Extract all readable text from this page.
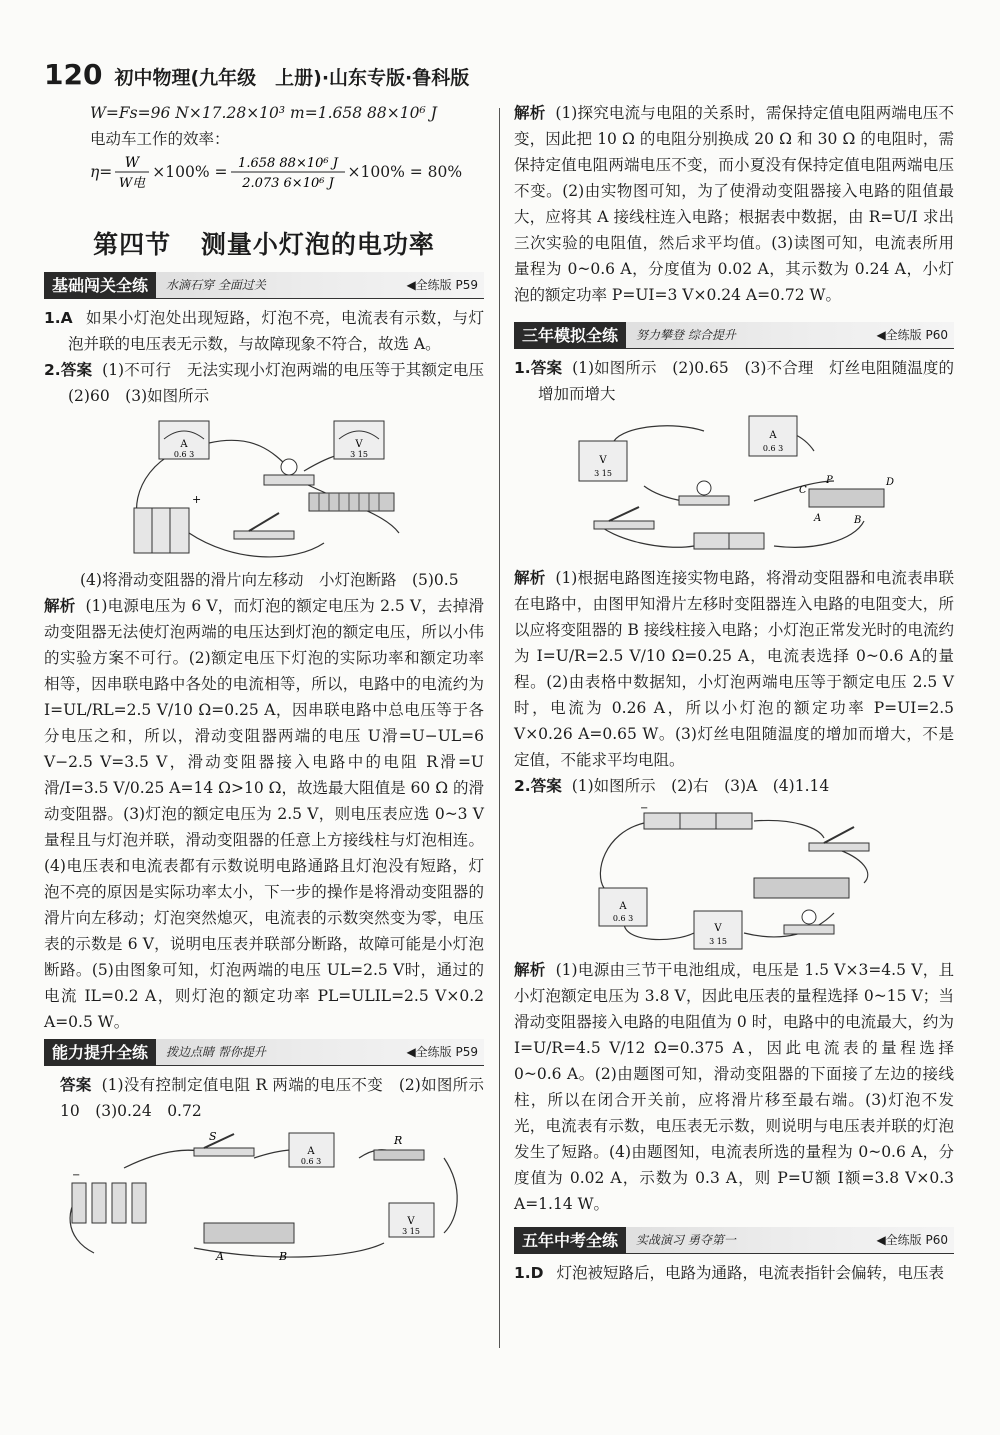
120 初中物理(九年级　上册)·山东专版·鲁科版
W=Fs=96 N×17.28×10³ m=1.658 88×10⁶ J
电动车工作的效率：
η= W
W电
×100% = 1.658 88×10⁶ J
2.073 6×10⁶ J
×100% = 80%
第四节 测量小灯泡的电功率
基础闯关全练	水滴石穿 全面过关	◀全练版 P59
1.A 如果小灯泡处出现短路，灯泡不亮，电流表有示数，与灯泡并联的电压表无示数，与故障现象不符合，故选 A。
2.答案 (1)不可行　无法实现小灯泡两端的电压等于其额定电压　(2)60　(3)如图所示
A
0.6 3
V
3 15
+
(4)将滑动变阻器的滑片向左移动　小灯泡断路　(5)0.5
解析 (1)电源电压为 6 V，而灯泡的额定电压为 2.5 V，去掉滑动变阻器无法使灯泡两端的电压达到灯泡的额定电压，所以小伟的实验方案不可行。(2)额定电压下灯泡的实际功率和额定功率相等，因串联电路中各处的电流相等，所以，电路中的电流约为 I=UL/RL=2.5 V/10 Ω=0.25 A，因串联电路中总电压等于各分电压之和，所以，滑动变阻器两端的电压 U滑=U−UL=6 V−2.5 V=3.5 V，滑动变阻器接入电路中的电阻 R滑=U滑/I=3.5 V/0.25 A=14 Ω>10 Ω，故选最大阻值是 60 Ω 的滑动变阻器。(3)灯泡的额定电压为 2.5 V，则电压表应选 0~3 V 量程且与灯泡并联，滑动变阻器的任意上方接线柱与灯泡相连。(4)电压表和电流表都有示数说明电路通路且灯泡没有短路，灯泡不亮的原因是实际功率太小，下一步的操作是将滑动变阻器的滑片向左移动；灯泡突然熄灭，电流表的示数突然变为零，电压表的示数是 6 V，说明电压表并联部分断路，故障可能是小灯泡断路。(5)由图象可知，灯泡两端的电压 UL=2.5 V时，通过的电流 IL=0.2 A，则灯泡的额定功率 PL=ULIL=2.5 V×0.2 A=0.5 W。
能力提升全练	拨边点睛 帮你提升	◀全练版 P59
答案 (1)没有控制定值电阻 R 两端的电压不变　(2)如图所示　10　(3)0.24　0.72
−
S
A
0.6 3
R
V
3 15
A	B
解析 (1)探究电流与电阻的关系时，需保持定值电阻两端电压不变，因此把 10 Ω 的电阻分别换成 20 Ω 和 30 Ω 的电阻时，需保持定值电阻两端电压不变，而小夏没有保持定值电阻两端电压不变。(2)由实物图可知，为了使滑动变阻器接入电路的阻值最大，应将其 A 接线柱连入电路；根据表中数据，由 R=U/I 求出三次实验的电阻值，然后求平均值。(3)读图可知，电流表所用量程为 0~0.6 A，分度值为 0.02 A，其示数为 0.24 A，小灯泡的额定功率 P=UI=3 V×0.24 A=0.72 W。
三年模拟全练	努力攀登 综合提升	◀全练版 P60
1.答案 (1)如图所示　(2)0.65　(3)不合理　灯丝电阻随温度的增加而增大
V
3 15
A
0.6 3
P
C
D
A	B
解析 (1)根据电路图连接实物电路，将滑动变阻器和电流表串联在电路中，由图甲知滑片左移时变阻器连入电路的电阻变大，所以应将变阻器的 B 接线柱接入电路；小灯泡正常发光时的电流约为 I=U/R=2.5 V/10 Ω=0.25 A，电流表选择 0~0.6 A的量程。(2)由表格中数据知，小灯泡两端电压等于额定电压 2.5 V 时，电流为 0.26 A，所以小灯泡的额定功率 P=UI=2.5 V×0.26 A=0.65 W。(3)灯丝电阻随温度的增加而增大，不是定值，不能求平均电阻。
2.答案 (1)如图所示　(2)右　(3)A　(4)1.14
−
A
0.6 3
V
3 15
解析 (1)电源由三节干电池组成，电压是 1.5 V×3=4.5 V，且小灯泡额定电压为 3.8 V，因此电压表的量程选择 0~15 V；当滑动变阻器接入电路的电阻值为 0 时，电路中的电流最大，约为 I=U/R=4.5 V/12 Ω=0.375 A，因此电流表的量程选择 0~0.6 A。(2)由题图可知，滑动变阻器的下面接了左边的接线柱，所以在闭合开关前，应将滑片移至最右端。(3)灯泡不发光，电流表有示数，电压表无示数，则说明与电压表并联的灯泡发生了短路。(4)由题图知，电流表所选的量程为 0~0.6 A，分度值为 0.02 A，示数为 0.3 A，则 P=U额 I额=3.8 V×0.3 A=1.14 W。
五年中考全练	实战演习 勇夺第一	◀全练版 P60
1.D 灯泡被短路后，电路为通路，电流表指针会偏转，电压表
